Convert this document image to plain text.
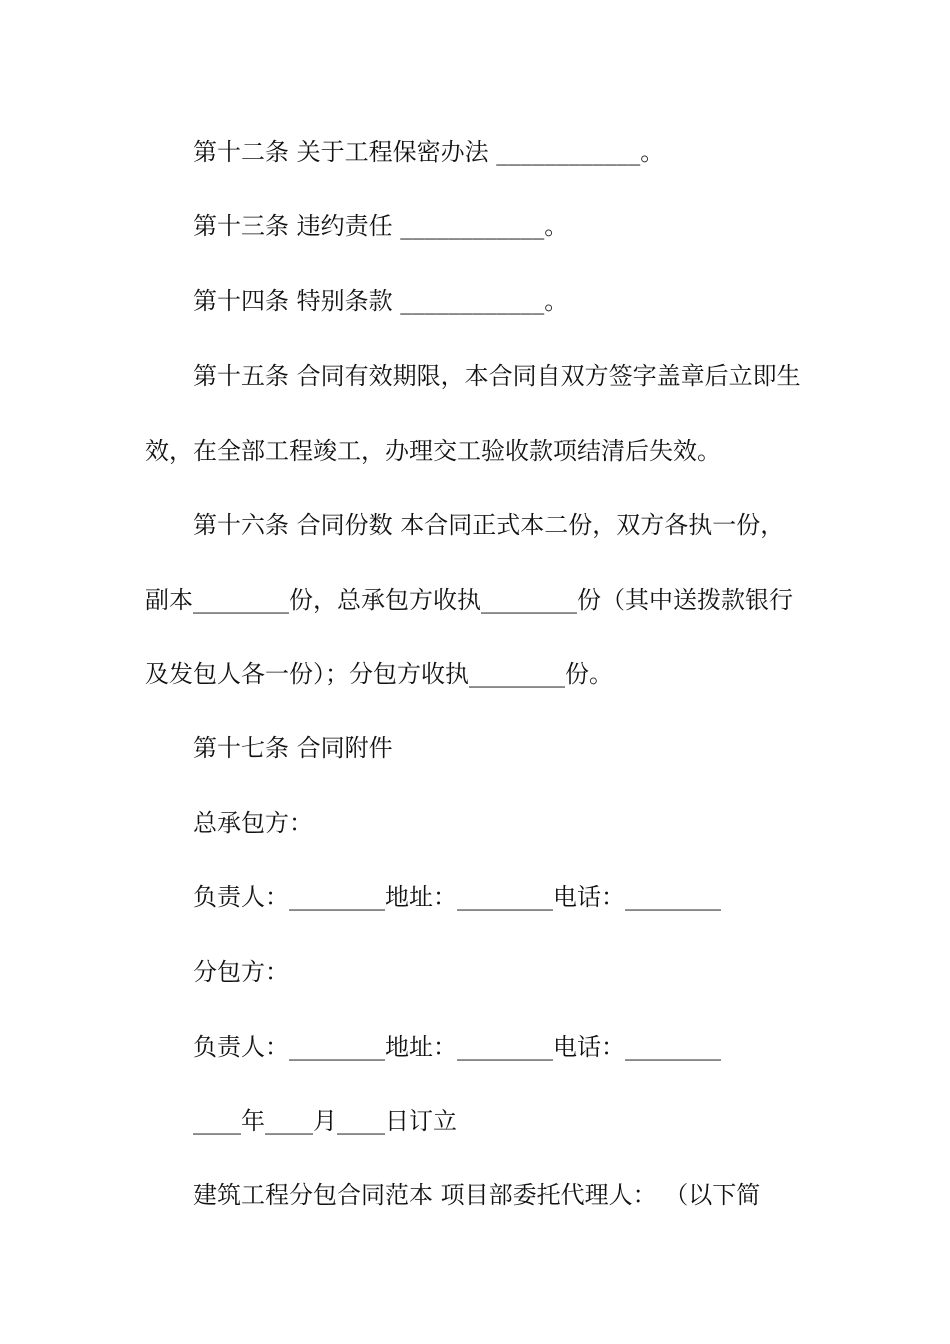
第十二条 关于工程保密办法 ____________。
第十三条 违约责任 ____________。
第十四条 特别条款 ____________。
第十五条 合同有效期限，本合同自双方签字盖章后立即生
效，在全部工程竣工，办理交工验收款项结清后失效。
第十六条 合同份数 本合同正式本二份，双方各执一份，
副本________份，总承包方收执________份（其中送拨款银行
及发包人各一份）；分包方收执________份。
第十七条 合同附件
总承包方：
负责人：________地址：________电话：________
分包方：
负责人：________地址：________电话：________
____年____月____日订立
建筑工程分包合同范本 项目部委托代理人： （以下简
